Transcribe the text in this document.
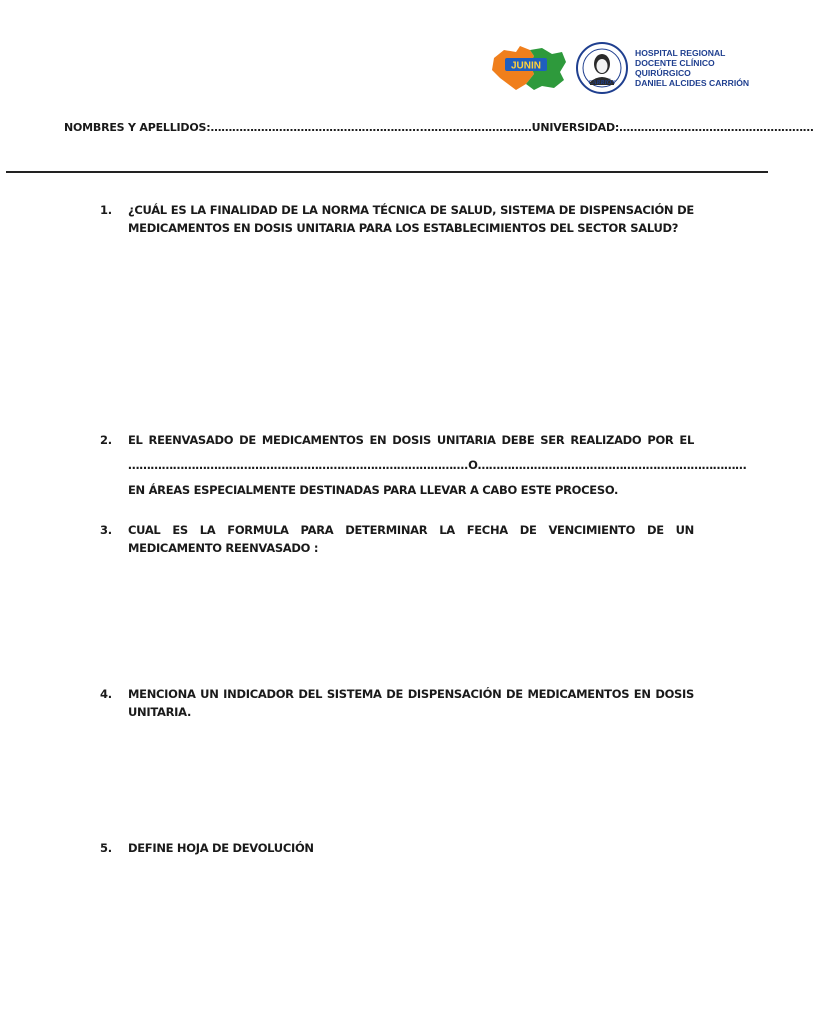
JUNIN
CARRIÓN
HOSPITAL REGIONAL
DOCENTE CLÍNICO
QUIRÚRGICO
DANIEL ALCIDES CARRIÓN
NOMBRES Y APELLIDOS:…………………………………………………..…………………………UNIVERSIDAD:………………………………………………
1. ¿CUÁL ES LA FINALIDAD DE LA NORMA TÉCNICA DE SALUD, SISTEMA DE DISPENSACIÓN DE MEDICAMENTOS EN DOSIS UNITARIA PARA LOS ESTABLECIMIENTOS DEL SECTOR SALUD?
2. EL REENVASADO DE MEDICAMENTOS EN DOSIS UNITARIA DEBE SER REALIZADO POR EL ……………………………………………………………………………….O………………………………………………………………EN ÁREAS ESPECIALMENTE DESTINADAS PARA LLEVAR A CABO ESTE PROCESO.
3. CUAL ES LA FORMULA PARA DETERMINAR LA FECHA DE VENCIMIENTO DE UN MEDICAMENTO REENVASADO :
4. MENCIONA UN INDICADOR DEL SISTEMA DE DISPENSACIÓN DE MEDICAMENTOS EN DOSIS UNITARIA.
5. DEFINE HOJA DE DEVOLUCIÓN
